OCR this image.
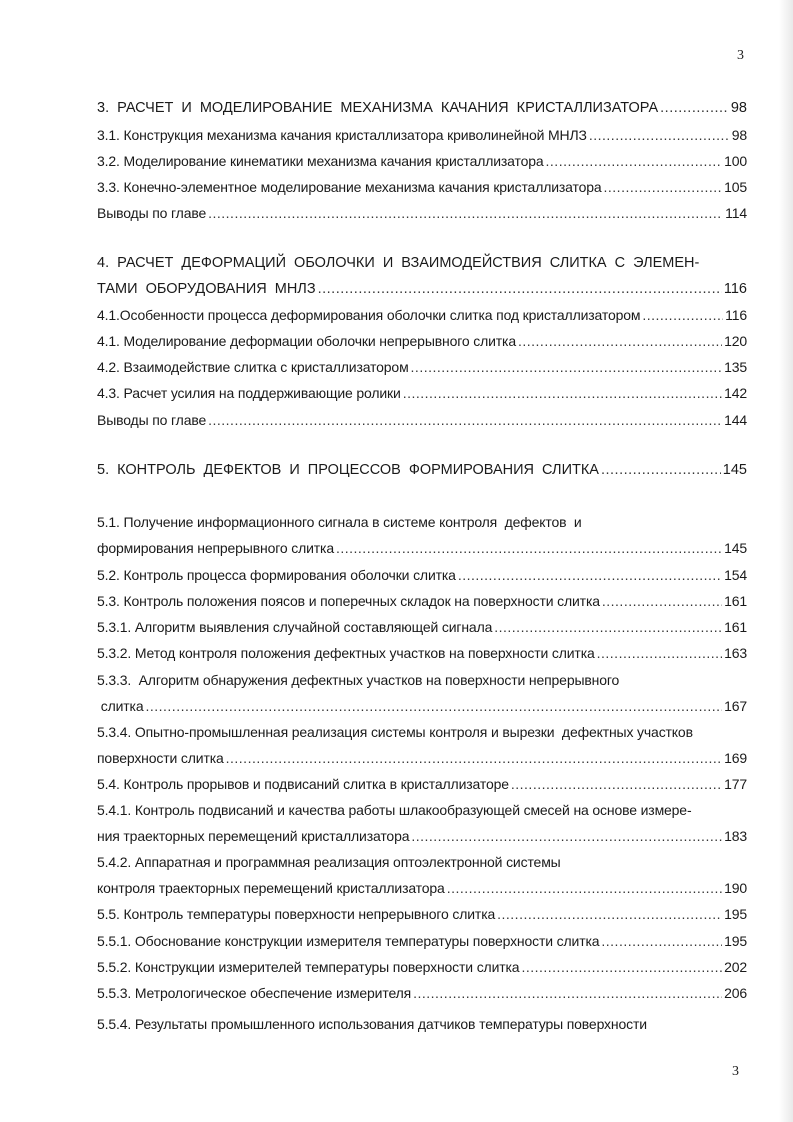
3
3. РАСЧЕТ И МОДЕЛИРОВАНИЕ МЕХАНИЗМА КАЧАНИЯ КРИСТАЛЛИЗАТОРА .....	98
3.1. Конструкция механизма качания кристаллизатора криволинейной МНЛЗ .....	98
3.2. Моделирование кинематики механизма качания кристаллизатора .....	100
3.3. Конечно-элементное моделирование механизма качания кристаллизатора .....	105
Выводы по главе .....	114
4. РАСЧЕТ ДЕФОРМАЦИЙ ОБОЛОЧКИ И ВЗАИМОДЕЙСТВИЯ СЛИТКА С ЭЛЕМЕН-
ТАМИ ОБОРУДОВАНИЯ МНЛЗ .....	116
4.1.Особенности процесса деформирования оболочки слитка под кристаллизатором .....	116
4.1. Моделирование деформации оболочки непрерывного слитка .....	120
4.2. Взаимодействие слитка с кристаллизатором .....	135
4.3. Расчет усилия на поддерживающие ролики .....	142
Выводы по главе .....	144
5. КОНТРОЛЬ ДЕФЕКТОВ И ПРОЦЕССОВ ФОРМИРОВАНИЯ СЛИТКА .....	145
5.1. Получение информационного сигнала в системе контроля  дефектов  и
формирования непрерывного слитка .....	145
5.2. Контроль процесса формирования оболочки слитка .....	154
5.3. Контроль положения поясов и поперечных складок на поверхности слитка .....	161
5.3.1. Алгоритм выявления случайной составляющей сигнала .....	161
5.3.2. Метод контроля положения дефектных участков на поверхности слитка .....	163
5.3.3.  Алгоритм обнаружения дефектных участков на поверхности непрерывного
слитка .....	167
5.3.4. Опытно-промышленная реализация системы контроля и вырезки  дефектных участков
поверхности слитка .....	169
5.4. Контроль прорывов и подвисаний слитка в кристаллизаторе .....	177
5.4.1. Контроль подвисаний и качества работы шлакообразующей смесей на основе измере-
ния траекторных перемещений кристаллизатора .....	183
5.4.2. Аппаратная и программная реализация оптоэлектронной системы
контроля траекторных перемещений кристаллизатора .....	190
5.5. Контроль температуры поверхности непрерывного слитка .....	195
5.5.1. Обоснование конструкции измерителя температуры поверхности слитка .....	195
5.5.2. Конструкции измерителей температуры поверхности слитка .....	202
5.5.3. Метрологическое обеспечение измерителя .....	206
5.5.4. Результаты промышленного использования датчиков температуры поверхности
3
